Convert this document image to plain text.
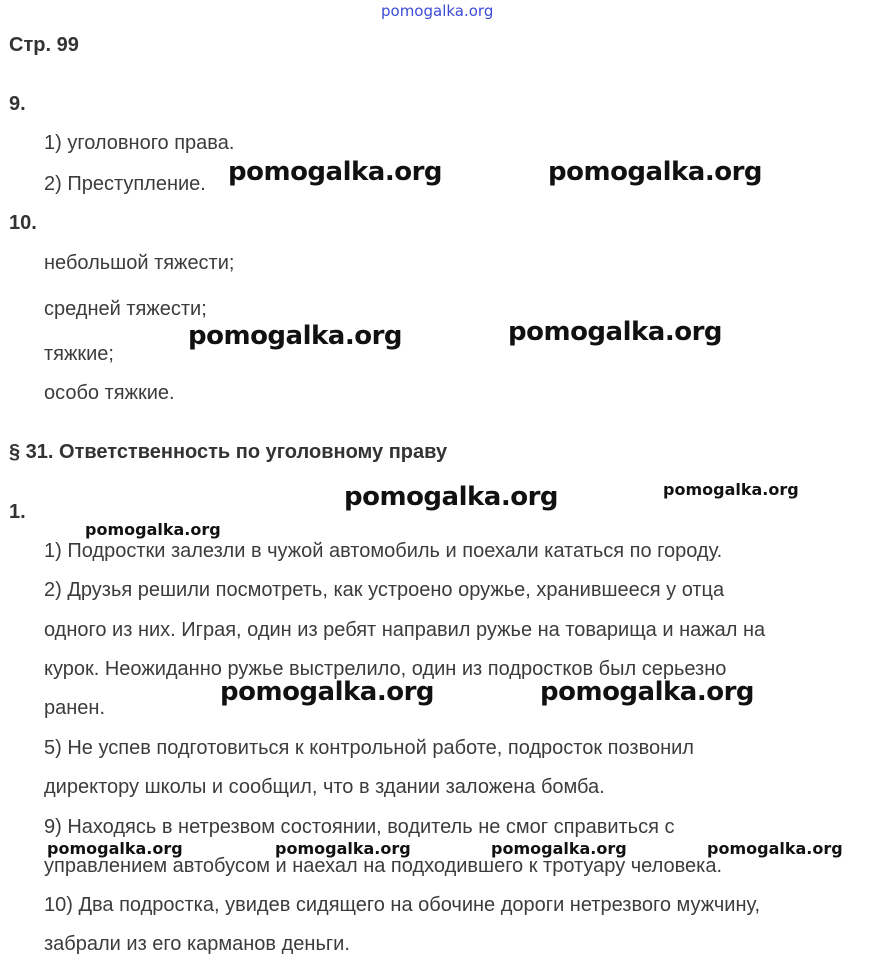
pomogalka.org
Стр. 99
9.
1) уголовного права.
2) Преступление.
10.
небольшой тяжести;
средней тяжести;
тяжкие;
особо тяжкие.
§ 31. Ответственность по уголовному праву
1.
1) Подростки залезли в чужой автомобиль и поехали кататься по городу.
2) Друзья решили посмотреть, как устроено оружье, хранившееся у отца
одного из них. Играя, один из ребят направил ружье на товарища и нажал на
курок. Неожиданно ружье выстрелило, один из подростков был серьезно
ранен.
5) Не успев подготовиться к контрольной работе, подросток позвонил
директору школы и сообщил, что в здании заложена бомба.
9) Находясь в нетрезвом состоянии, водитель не смог справиться с
управлением автобусом и наехал на подходившего к тротуару человека.
10) Два подростка, увидев сидящего на обочине дороги нетрезвого мужчину,
забрали из его карманов деньги.
pomogalka.org	pomogalka.org
pomogalka.org	pomogalka.org
pomogalka.org	pomogalka.org
pomogalka.org
pomogalka.org	pomogalka.org
pomogalka.org	pomogalka.org	pomogalka.org	pomogalka.org
